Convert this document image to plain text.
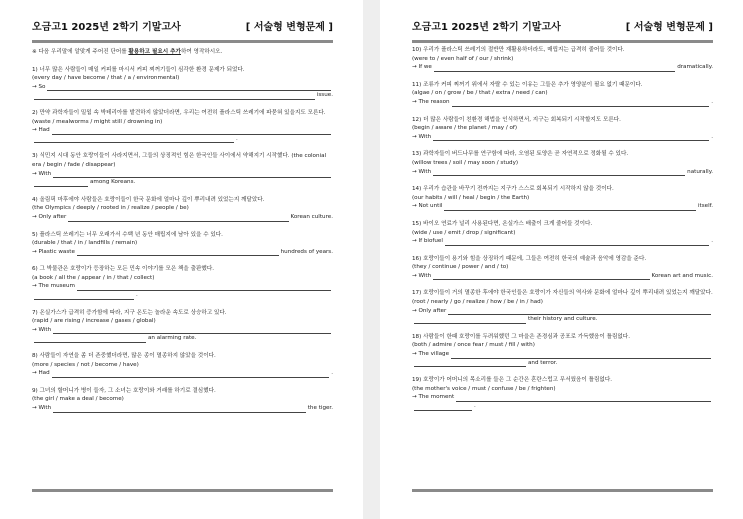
오금고1 2025년 2학기 기말고사	[ 서술형 변형문제 ]

※ 다음 우리말에 알맞게 주어진 단어를 활용하고 필요시 추가하여 영작하시오.

1) 너무 많은 사람들이 매일 커피를 마시서 커피 찌꺼기들이 심각한 환경 문제가 되었다.

(every day / have become / that / a / environmental)

→ So
issue.

2) 만약 과학자들이 밀웜 속 박테리아를 발견하지 않았더라면, 우리는 여전히 플라스틱 쓰레기에 파묻혀 있을지도 모른다.

(waste / mealworms / might still / drowning in)

→ Had
.

3) 식민지 시대 동안 호랑이들이 사라지면서, 그들의 상징적인 힘은 한국인들 사이에서 약해지기 시작했다. (the colonial era / begin / fade / disappear)

→ With
among Koreans.

4) 올림픽 마후에야 사람들은 호랑이들이 한국 문화에 얼마나 깊이 뿌리내려 있었는지 깨달았다.

(the Olympics / deeply / rooted in / realize / people / be)

→ Only after	Korean culture.

5) 플라스틱 쓰레기는 너무 오래가서 수백 년 동안 매립지에 남아 있을 수 있다.

(durable / that / in / landfills / remain)

→ Plastic waste	hundreds of years.

6) 그 박물관은 호랑이가 등장하는 모든 민속 이야기를 모은 책을 출판했다.

(a book / all the / appear / in / that / collect)

→ The museum
.

7) 온실가스가 급격히 증가함에 따라, 지구 온도는 놀라운 속도로 상승하고 있다.

(rapid / are rising / increase / gases / global)

→ With
an alarming rate.

8) 사람들이 자연을 좀 더 존중했더라면, 많은 종이 멸종하지 않았을 것이다.

(more / species / not / become / have)

→ Had	.

9) 그녀의 할머니가 병이 들자, 그 소녀는 호랑이와 거래를 하기로 결심했다.

(the girl / make a deal / become)

→ With	the tiger.
오금고1 2025년 2학기 기말고사	[ 서술형 변형문제 ]

10) 우리가 플라스틱 쓰레기의 절반만 재활용하더라도, 매립지는 급격히 줄어들 것이다.

(were to / even half of / our / shrink)

→ If we	dramatically.

11) 조류가 커피 찌꺼기 위에서 자랄 수 있는 이유는 그들은 추가 영양분이 필요 없기 때문이다.

(algae / on / grow / be / that / extra / need / can)

→ The reason	.

12) 더 많은 사람들이 친환경 해법을 인식하면서, 지구는 회복되기 시작할지도 모른다.

(begin / aware / the planet / may / of)

→ With	.

13) 과학자들이 버드나무를 연구함에 따라, 오염된 토양은 곧 자연적으로 정화될 수 있다.

(willow trees / soil / may soon / study)

→ With	naturally.

14) 우리가 습관을 바꾸기 전까지는 지구가 스스로 회복되기 시작하지 않을 것이다.

(our habits / will / heal / begin / the Earth)

→ Not until	itself.

15) 바이오 연료가 널리 사용된다면, 온실가스 배출이 크게 줄어들 것이다.

(wide / use / emit / drop / significant)

→ If biofuel	.

16) 호랑이들이 용기와 힘을 상징하기 때문에, 그들은 여전히 한국의 예술과 음악에 영감을 준다.

(they / continue / power / and / to)

→ With	Korean art and music.

17) 호랑이들이 거의 멸종한 후에야 한국인들은 호랑이가 자신들의 역사와 문화에 얼마나 깊이 뿌리내려 있었는지 깨달았다. (root / nearly / go / realize / how / be / in / had)

→ Only after
their history and culture.

18) 사람들이 한때 호랑이를 두려워했던 그 마을은 존경심과 공포로 가득했음이 틀림없다.

(both / admire / once fear / must / fill / with)

→ The village
and terror.

19) 호랑이가 어머니의 목소리를 들은 그 순간은 혼란스럽고 무서웠음이 틀림없다.

(the mother's voice / must / confuse / be / frighten)

→ The moment
.
